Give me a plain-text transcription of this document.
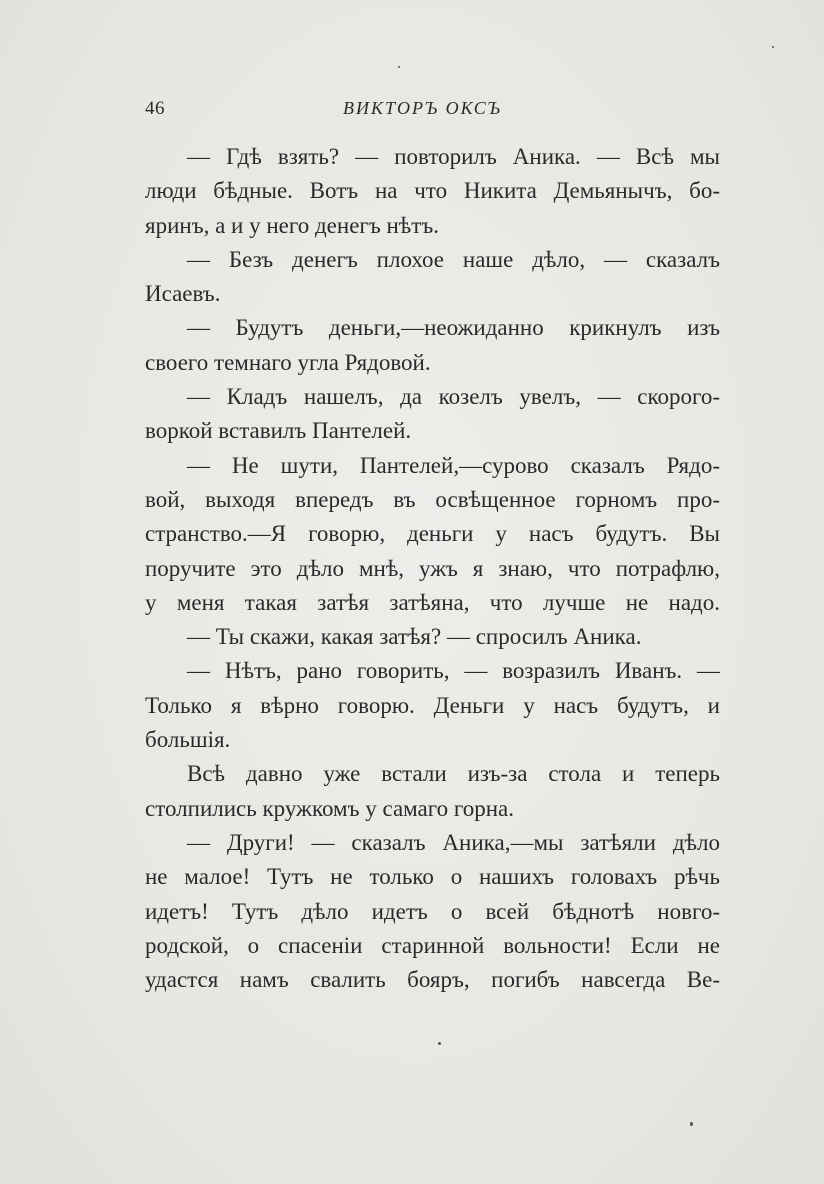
46	ВИКТОРЪ ОКСЪ
— Гдѣ взять? — повторилъ Аника. — Всѣ мы
люди бѣдные. Вотъ на что Никита Демьянычъ, бо-
яринъ, а и у него денегъ нѣтъ.
— Безъ денегъ плохое наше дѣло, — сказалъ
Исаевъ.
–– Будутъ деньги,—неожиданно крикнулъ изъ
своего темнаго угла Рядовой.
— Кладъ нашелъ, да козелъ увелъ, — скорого-
воркой вставилъ Пантелей.
— Не шути, Пантелей,—сурово сказалъ Рядо-
вой, выходя впередъ въ освѣщенное горномъ про-
странство.—Я говорю, деньги у насъ будутъ. Вы
поручите это дѣло мнѣ, ужъ я знаю, что потрафлю,
у меня такая затѣя затѣяна, что лучше не надо.
— Ты скажи, какая затѣя? — спросилъ Аника.
— Нѣтъ, рано говорить, — возразилъ Иванъ. —
Только я вѣрно говорю. Деньги у насъ будутъ, и
большія.
Всѣ давно уже встали изъ-за стола и теперь
столпились кружкомъ у самаго горна.
— Други! — сказалъ Аника,—мы затѣяли дѣло
не малое! Тутъ не только о нашихъ головахъ рѣчь
идетъ! Тутъ дѣло идетъ о всей бѣднотѣ новго-
родской, о спасеніи старинной вольности! Если не
удастся намъ свалить бояръ, погибъ навсегда Ве-
